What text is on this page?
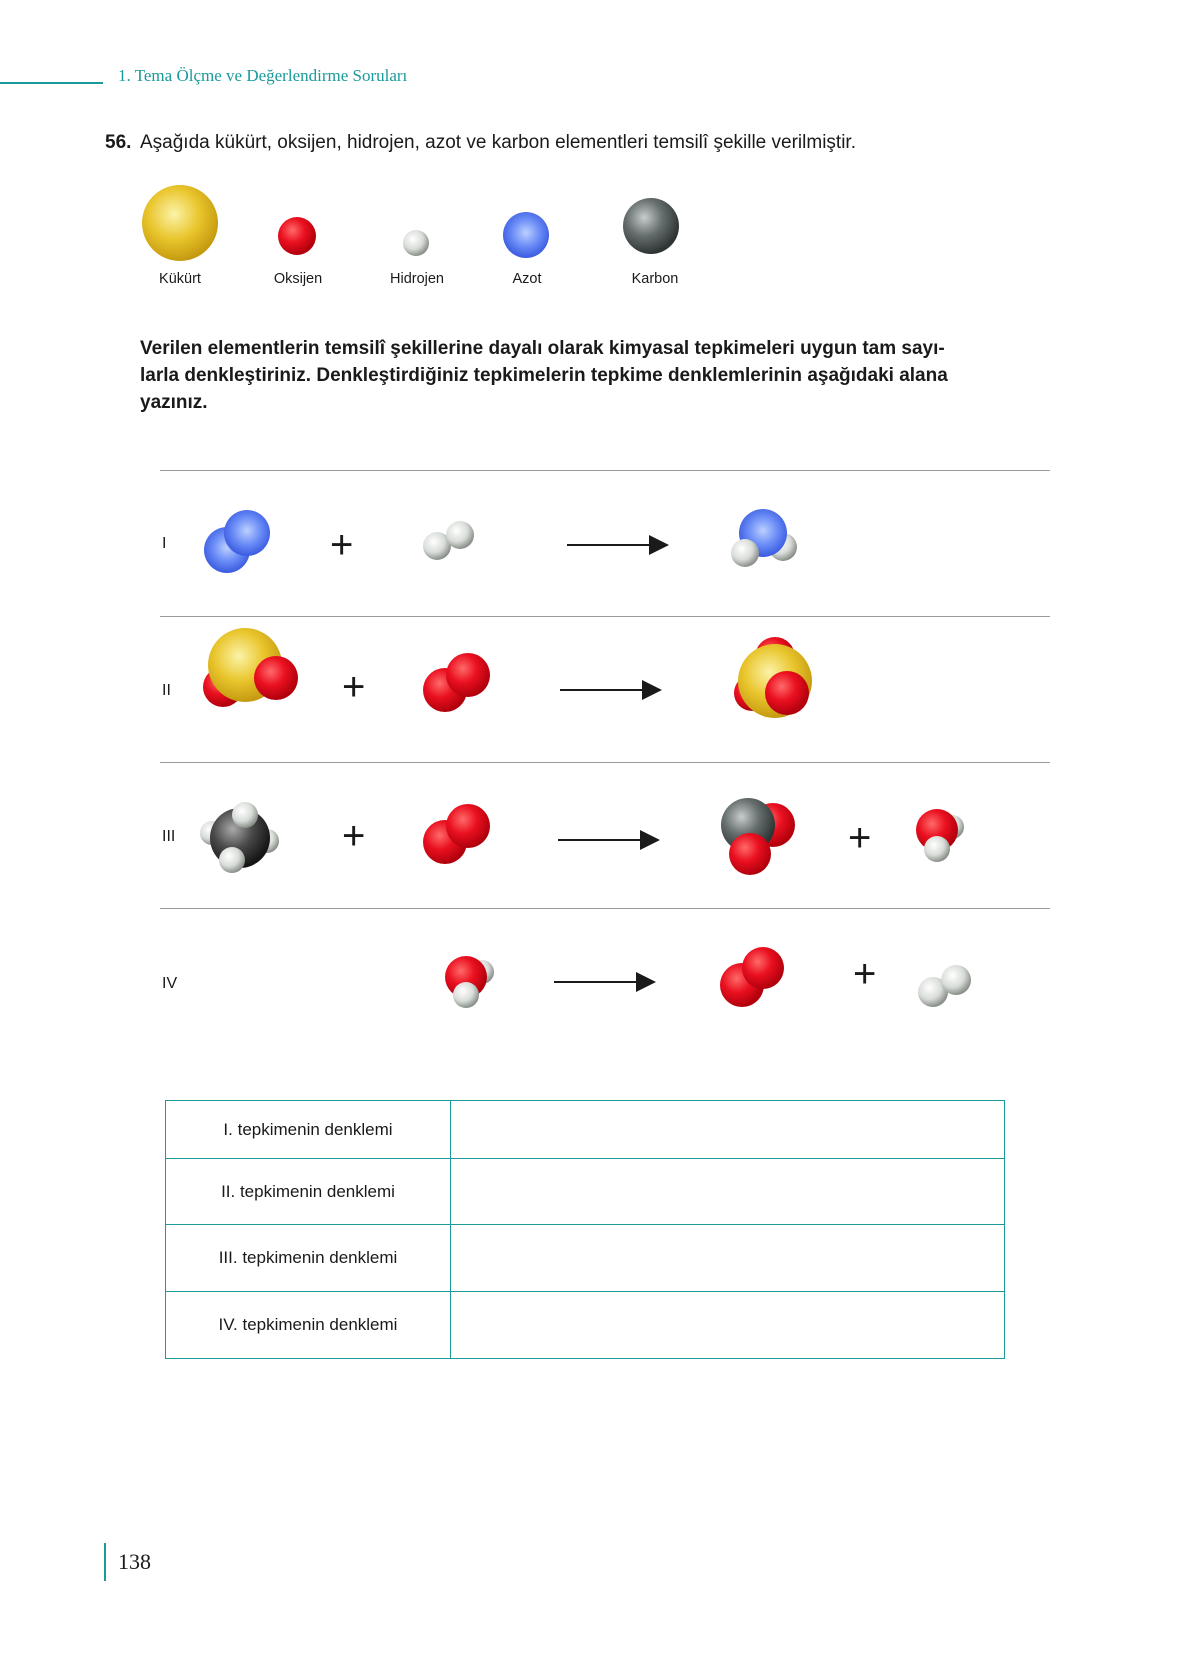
1. Tema Ölçme ve Değerlendirme Soruları
56. Aşağıda kükürt, oksijen, hidrojen, azot ve karbon elementleri temsilî şekille verilmiştir.
Kükürt	Oksijen	Hidrojen	Azot	Karbon
Verilen elementlerin temsilî şekillerine dayalı olarak kimyasal tepkimeleri uygun tam sayı-
larla denkleştiriniz. Denkleştirdiğiniz tepkimelerin tepkime denklemlerinin aşağıdaki alana
yazınız.
I
II
III
IV
+
+
+	+
+
I. tepkimenin denklemi	
II. tepkimenin denklemi	
III. tepkimenin denklemi	
IV. tepkimenin denklemi	
138
